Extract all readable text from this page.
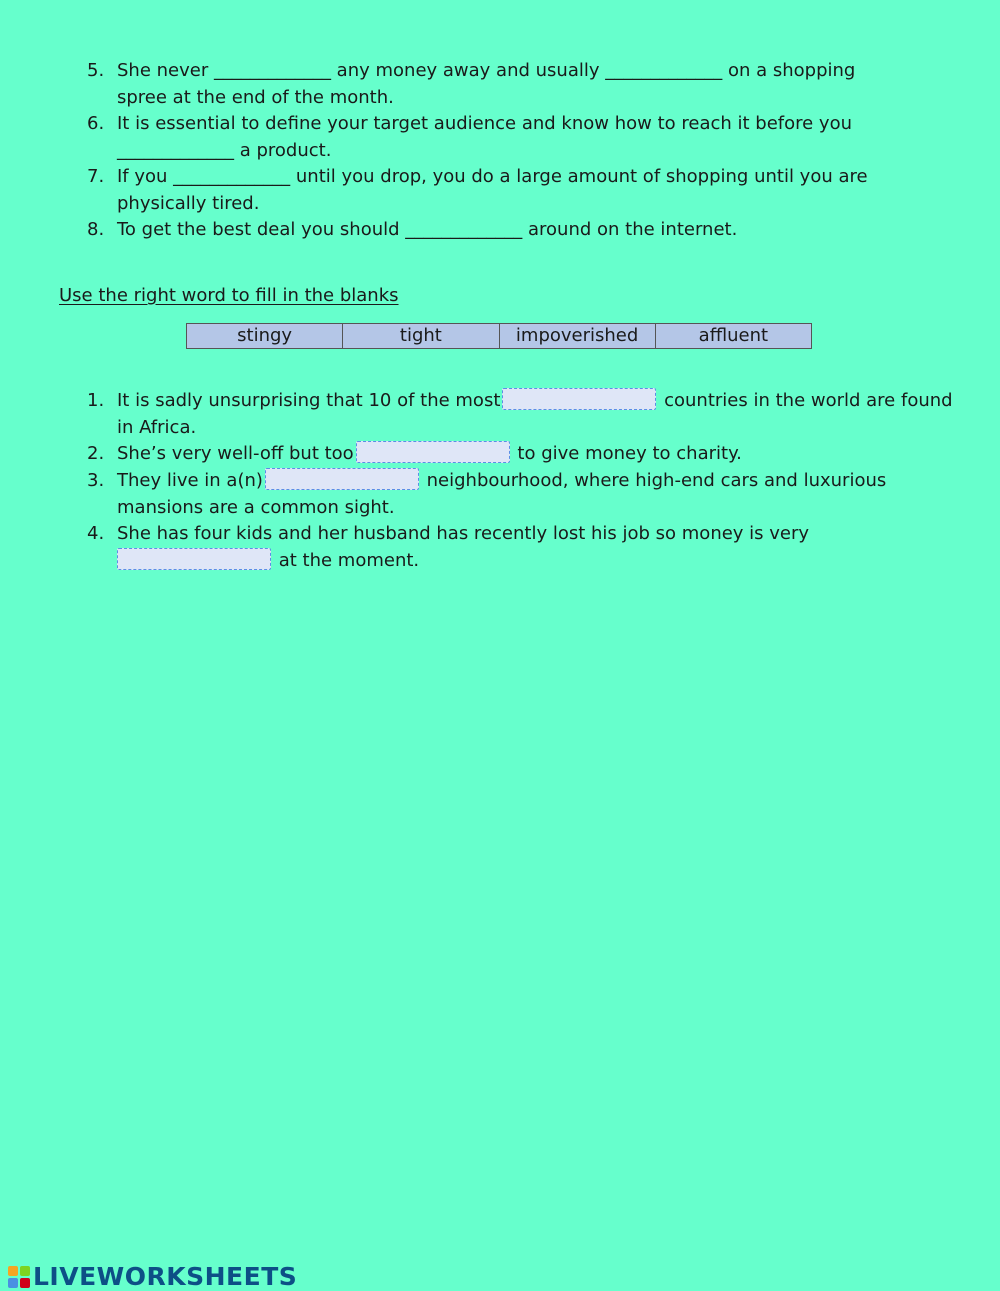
5. She never _____________ any money away and usually _____________ on a shopping
spree at the end of the month.
6. It is essential to define your target audience and know how to reach it before you
_____________ a product.
7. If you _____________ until you drop, you do a large amount of shopping until you are
physically tired.
8. To get the best deal you should _____________ around on the internet.
Use the right word to fill in the blanks
stingy	tight	impoverished	affluent
1. It is sadly unsurprising that 10 of the most	countries in the world are found
in Africa.
2. She’s very well-off but too	to give money to charity.
3. They live in a(n)	neighbourhood, where high-end cars and luxurious
mansions are a common sight.
4. She has four kids and her husband has recently lost his job so money is very
at the moment.
LIVEWORKSHEETS
